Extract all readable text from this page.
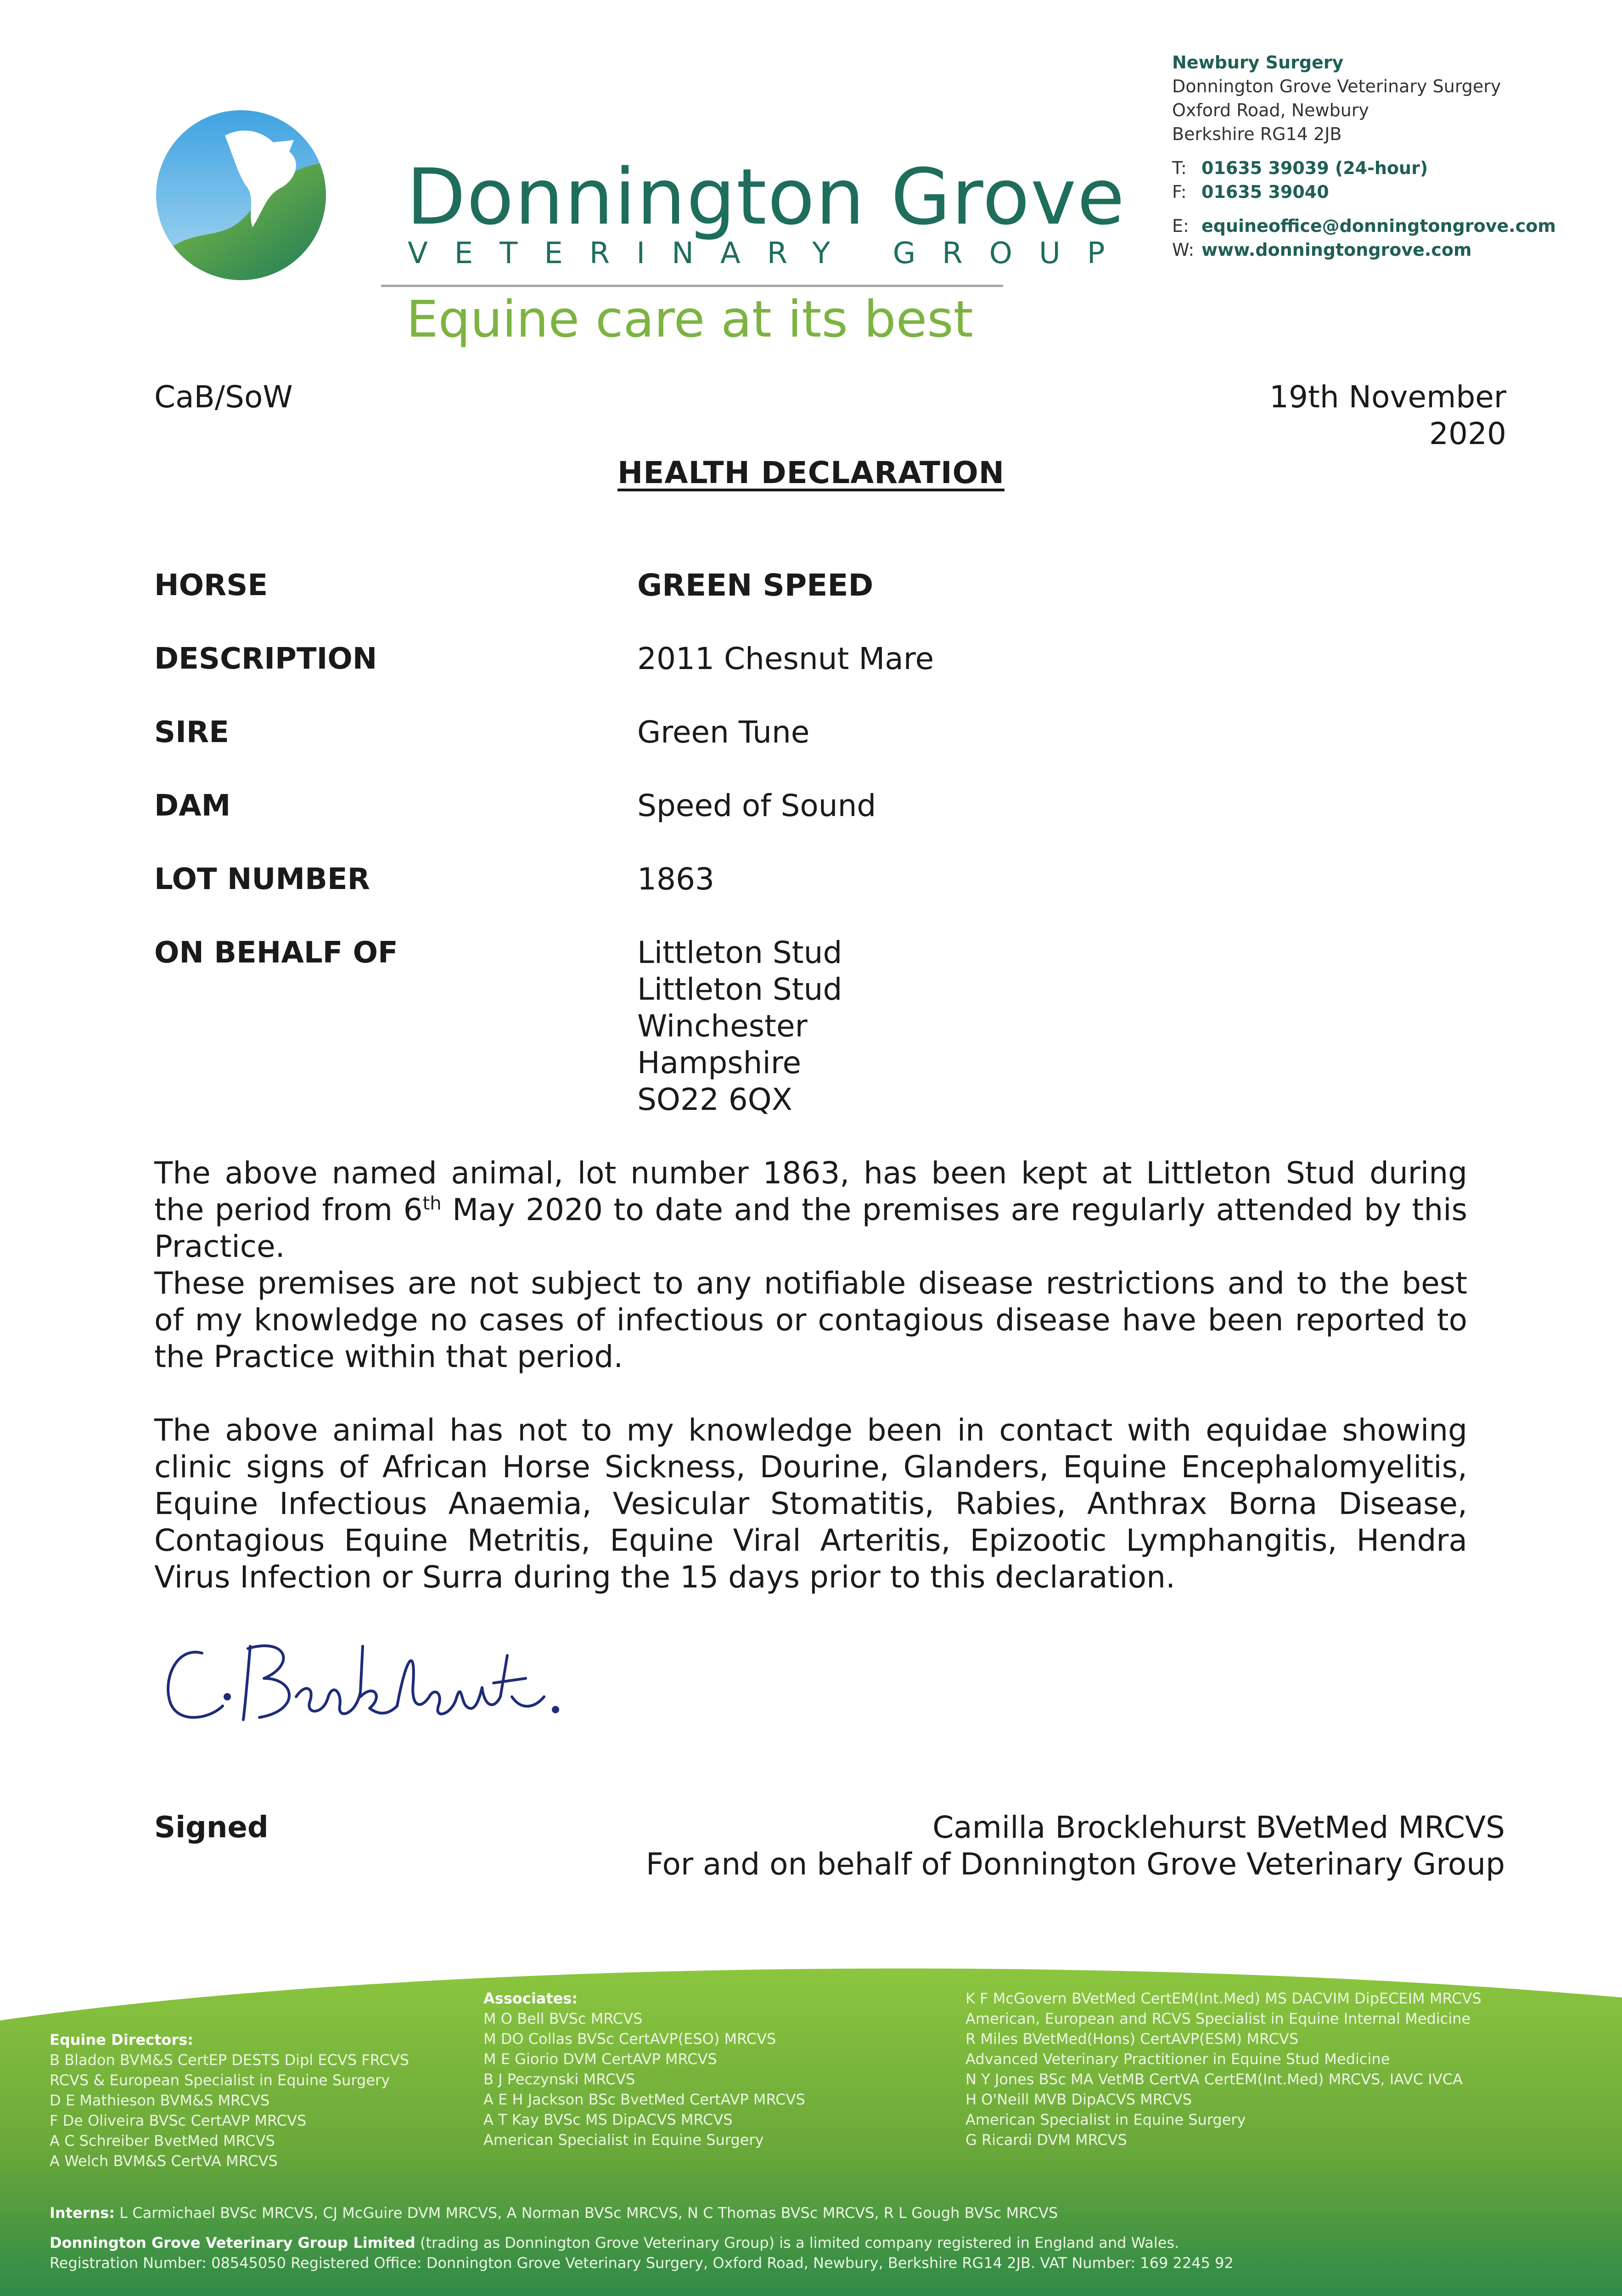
Donnington Grove
VETERINARY GROUP
Equine care at its best
Newbury Surgery
Donnington Grove Veterinary Surgery
Oxford Road, Newbury
Berkshire RG14 2JB
T: 01635 39039 (24-hour)
F: 01635 39040
E: equineoffice@donningtongrove.com
W: www.donningtongrove.com
CaB/SoW	19th November 2020
HEALTH DECLARATION
HORSE	GREEN SPEED
DESCRIPTION	2011 Chesnut Mare
SIRE	Green Tune
DAM	Speed of Sound
LOT NUMBER	1863
ON BEHALF OF	Littleton Stud
Littleton Stud
Winchester
Hampshire
SO22 6QX
The above named animal, lot number 1863, has been kept at Littleton Stud during the period from 6th May 2020 to date and the premises are regularly attended by this Practice.
These premises are not subject to any notifiable disease restrictions and to the best of my knowledge no cases of infectious or contagious disease have been reported to the Practice within that period.
The above animal has not to my knowledge been in contact with equidae showing clinic signs of African Horse Sickness, Dourine, Glanders, Equine Encephalomyelitis, Equine Infectious Anaemia, Vesicular Stomatitis, Rabies, Anthrax Borna Disease, Contagious Equine Metritis, Equine Viral Arteritis, Epizootic Lymphangitis, Hendra Virus Infection or Surra during the 15 days prior to this declaration.
Signed	Camilla Brocklehurst BVetMed MRCVS
For and on behalf of Donnington Grove Veterinary Group
Equine Directors:
B Bladon BVM&S CertEP DESTS Dipl ECVS FRCVS
RCVS & European Specialist in Equine Surgery
D E Mathieson BVM&S MRCVS
F De Oliveira BVSc CertAVP MRCVS
A C Schreiber BvetMed MRCVS
A Welch BVM&S CertVA MRCVS
Associates:
M O Bell BVSc MRCVS
M DO Collas BVSc CertAVP(ESO) MRCVS
M E Giorio DVM CertAVP MRCVS
B J Peczynski MRCVS
A E H Jackson BSc BvetMed CertAVP MRCVS
A T Kay BVSc MS DipACVS MRCVS
American Specialist in Equine Surgery
K F McGovern BVetMed CertEM(Int.Med) MS DACVIM DipECEIM MRCVS
American, European and RCVS Specialist in Equine Internal Medicine
R Miles BVetMed(Hons) CertAVP(ESM) MRCVS
Advanced Veterinary Practitioner in Equine Stud Medicine
N Y Jones BSc MA VetMB CertVA CertEM(Int.Med) MRCVS, IAVC IVCA
H O'Neill MVB DipACVS MRCVS
American Specialist in Equine Surgery
G Ricardi DVM MRCVS
Interns: L Carmichael BVSc MRCVS, CJ McGuire DVM MRCVS, A Norman BVSc MRCVS, N C Thomas BVSc MRCVS, R L Gough BVSc MRCVS
Donnington Grove Veterinary Group Limited (trading as Donnington Grove Veterinary Group) is a limited company registered in England and Wales.
Registration Number: 08545050 Registered Office: Donnington Grove Veterinary Surgery, Oxford Road, Newbury, Berkshire RG14 2JB. VAT Number: 169 2245 92
